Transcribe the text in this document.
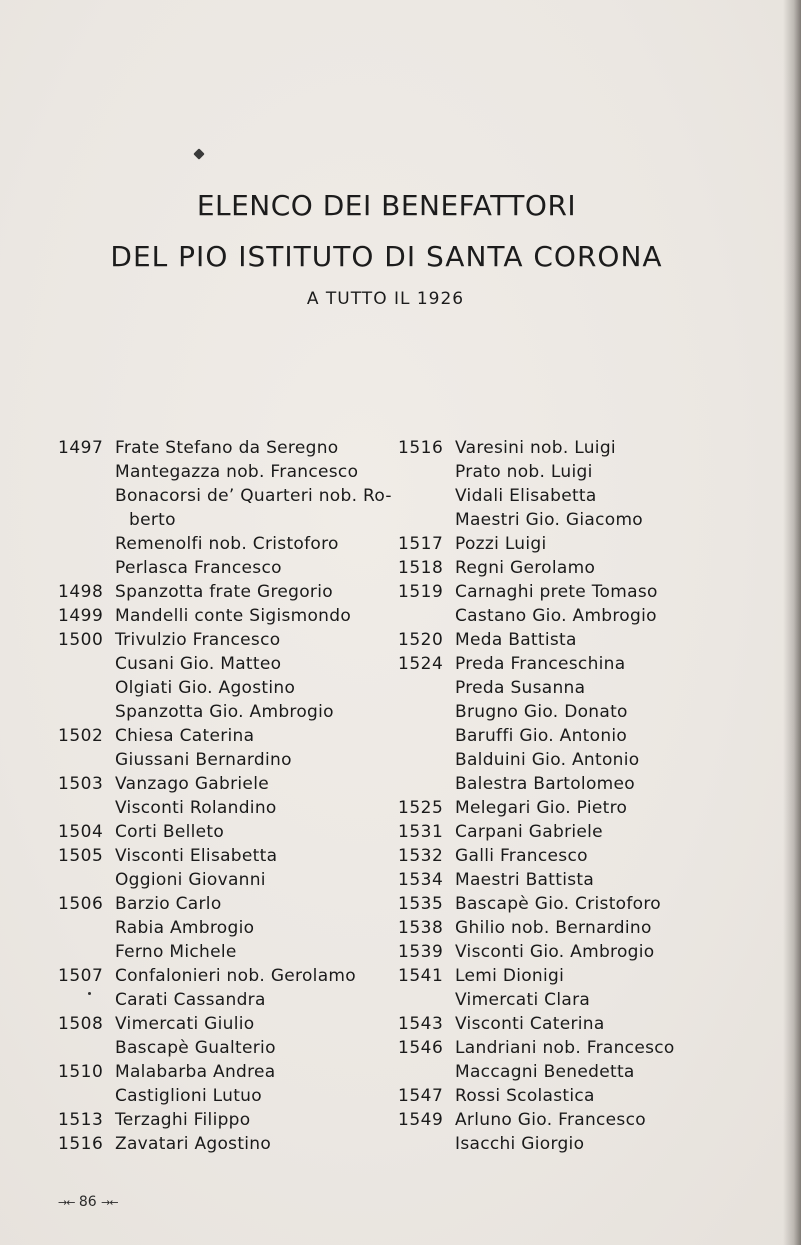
ELENCO DEI BENEFATTORI
DEL PIO ISTITUTO DI SANTA CORONA
A TUTTO IL 1926
1497 Frate Stefano da Seregno
Mantegazza nob. Francesco
Bonacorsi de’ Quarteri nob. Ro-
berto
Remenolfi nob. Cristoforo
Perlasca Francesco
1498 Spanzotta frate Gregorio
1499 Mandelli conte Sigismondo
1500 Trivulzio Francesco
Cusani Gio. Matteo
Olgiati Gio. Agostino
Spanzotta Gio. Ambrogio
1502 Chiesa Caterina
Giussani Bernardino
1503 Vanzago Gabriele
Visconti Rolandino
1504 Corti Belleto
1505 Visconti Elisabetta
Oggioni Giovanni
1506 Barzio Carlo
Rabia Ambrogio
Ferno Michele
1507 Confalonieri nob. Gerolamo
Carati Cassandra
1508 Vimercati Giulio
Bascapè Gualterio
1510 Malabarba Andrea
Castiglioni Lutuo
1513 Terzaghi Filippo
1516 Zavatari Agostino
1516 Varesini nob. Luigi
Prato nob. Luigi
Vidali Elisabetta
Maestri Gio. Giacomo
1517 Pozzi Luigi
1518 Regni Gerolamo
1519 Carnaghi prete Tomaso
Castano Gio. Ambrogio
1520 Meda Battista
1524 Preda Franceschina
Preda Susanna
Brugno Gio. Donato
Baruffi Gio. Antonio
Balduini Gio. Antonio
Balestra Bartolomeo
1525 Melegari Gio. Pietro
1531 Carpani Gabriele
1532 Galli Francesco
1534 Maestri Battista
1535 Bascapè Gio. Cristoforo
1538 Ghilio nob. Bernardino
1539 Visconti Gio. Ambrogio
1541 Lemi Dionigi
Vimercati Clara
1543 Visconti Caterina
1546 Landriani nob. Francesco
Maccagni Benedetta
1547 Rossi Scolastica
1549 Arluno Gio. Francesco
Isacchi Giorgio
→← 86 →←
